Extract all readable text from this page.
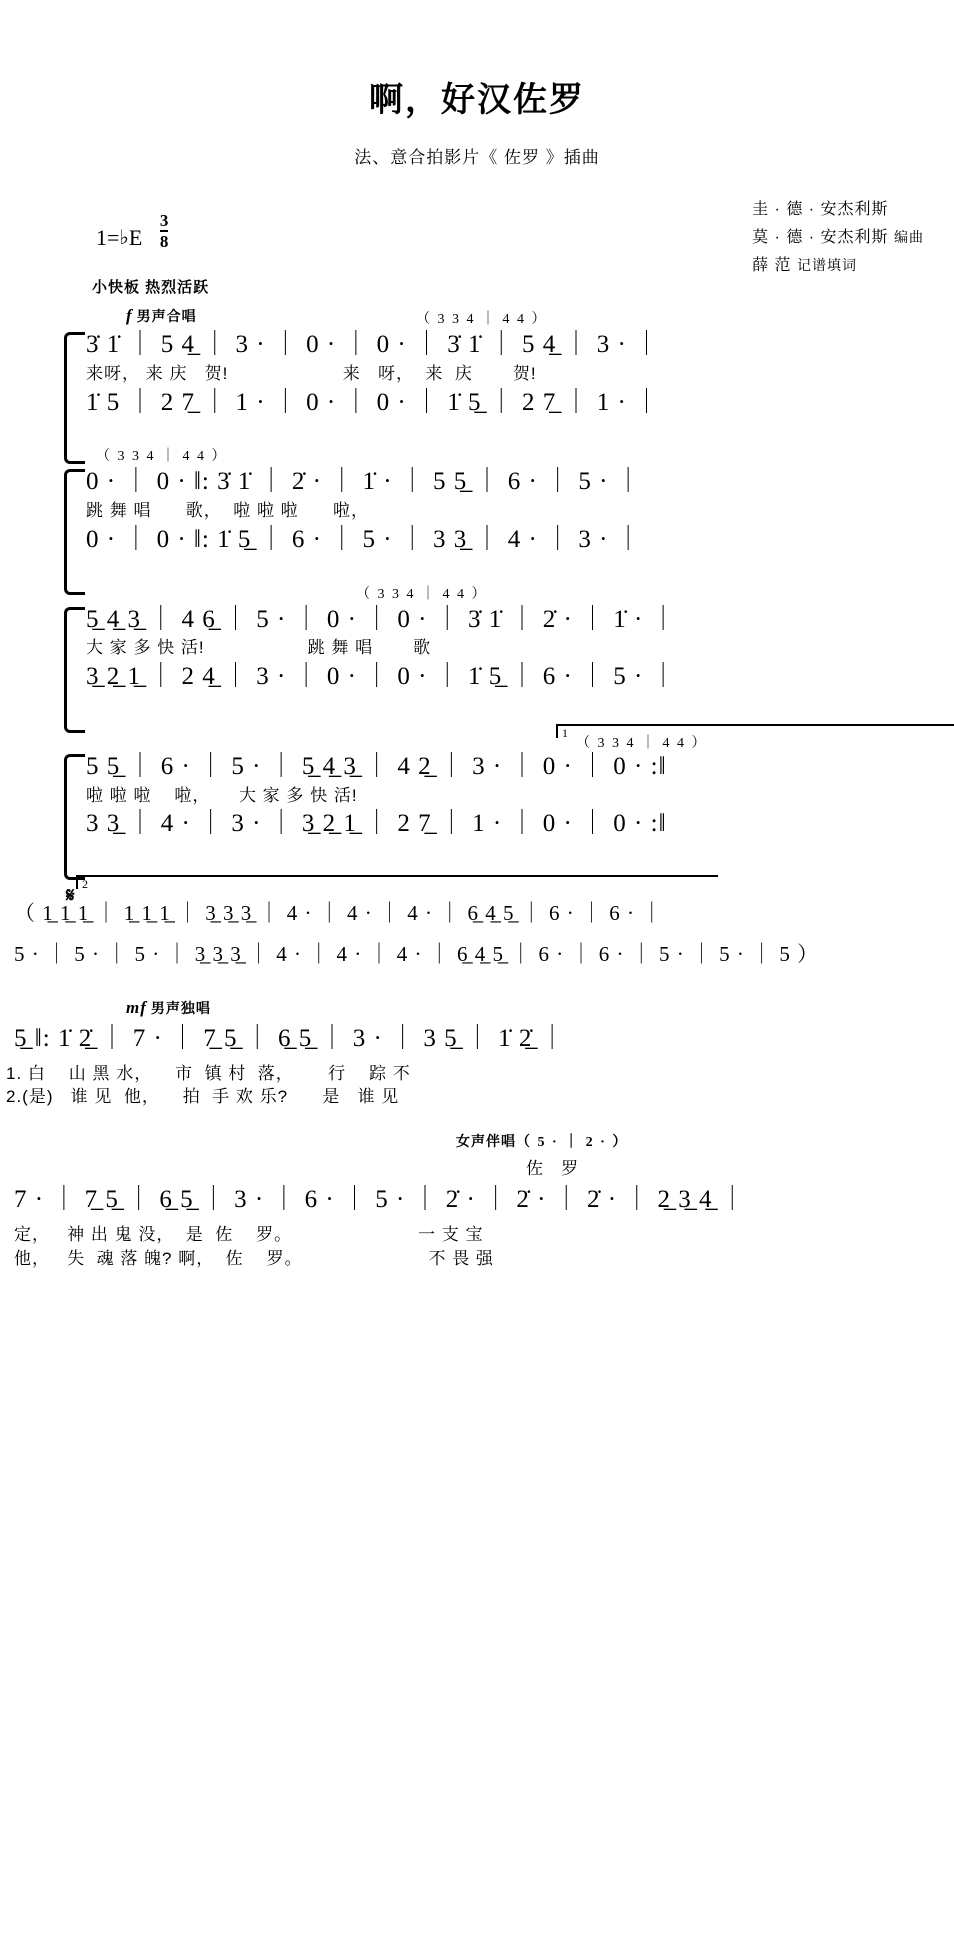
啊，好汉佐罗
法、意合拍影片《 佐罗 》插曲
1=♭E $\frac{3}{8}$
圭 · 德 · 安杰利斯
莫 · 德 · 安杰利斯 编曲
薛 范 记谱填词
小快板 热烈活跃
f 男声合唱	（ 3 3 4 ｜ 4 4 ）
3̇ 1̇ ｜ 5 4̲ ｜ 3 · ｜ 0 · ｜ 0 · ｜ 3̇ 1̇ ｜ 5 4̲ ｜ 3 · ｜
来呀， 来 庆   贺!                    来   呀，  来  庆       贺!
1̇ 5 ｜ 2 7̲ ｜ 1 · ｜ 0 · ｜ 0 · ｜ 1̇ 5̲ ｜ 2 7̲ ｜ 1 · ｜
（ 3 3 4 ｜ 4 4 ）
0 · ｜ 0 · ‖: 3̇ 1̇ ｜ 2̇ · ｜ 1̇ · ｜ 5 5̲ ｜ 6 · ｜ 5 · ｜
跳 舞 唱      歌，  啦 啦 啦      啦，
0 · ｜ 0 · ‖: 1̇ 5̲ ｜ 6 · ｜ 5 · ｜ 3 3̲ ｜ 4 · ｜ 3 · ｜
（ 3 3 4 ｜ 4 4 ）
5̲ 4̲ 3̲ ｜ 4 6̲ ｜ 5 · ｜ 0 · ｜ 0 · ｜ 3̇ 1̇ ｜ 2̇ · ｜ 1̇ · ｜
大 家 多 快 活!                  跳 舞 唱       歌
3̲ 2̲ 1̲ ｜ 2 4̲ ｜ 3 · ｜ 0 · ｜ 0 · ｜ 1̇ 5̲ ｜ 6 · ｜ 5 · ｜
1
（ 3 3 4 ｜ 4 4 ）
5 5̲ ｜ 6 · ｜ 5 · ｜ 5̲ 4̲ 3̲ ｜ 4 2̲ ｜ 3 · ｜ 0 · ｜ 0 · :‖
啦 啦 啦    啦，     大 家 多 快 活!
3 3̲ ｜ 4 · ｜ 3 · ｜ 3̲ 2̲ 1̲ ｜ 2 7̲ ｜ 1 · ｜ 0 · ｜ 0 · :‖
2
𝄋
（ 1̲ 1̲ 1̲ ｜ 1̲ 1̲ 1̲ ｜ 3̲ 3̲ 3̲ ｜ 4 · ｜ 4 · ｜ 4 · ｜ 6̲ 4̲ 5̲ ｜ 6 · ｜ 6 · ｜
5 · ｜ 5 · ｜ 5 · ｜ 3̲ 3̲ 3̲ ｜ 4 · ｜ 4 · ｜ 4 · ｜ 6̲ 4̲ 5̲ ｜ 6 · ｜ 6 · ｜ 5 · ｜ 5 · ｜ 5 ）
mf 男声独唱
5̲ ‖: 1̇ 2̲̇ ｜ 7 · ｜ 7̲ 5̲ ｜ 6̲ 5̲ ｜ 3 · ｜ 3 5̲ ｜ 1̇ 2̲̇ ｜
1. 白    山 黑 水，    市  镇 村  落，      行    踪 不
2.(是)   谁 见  他，    拍  手 欢 乐?      是   谁 见
女声伴唱（ 5 · ｜ 2 · ）
佐   罗
7 · ｜ 7̲ 5̲ ｜ 6̲ 5̲ ｜ 3 · ｜ 6 · ｜ 5 · ｜ 2̇ · ｜ 2̇ · ｜ 2̇ · ｜ 2̲ 3̲ 4̲ ｜
定，   神 出 鬼 没，  是  佐    罗。                      一 支 宝
他，   失  魂 落 魄? 啊，  佐    罗。                      不 畏 强
